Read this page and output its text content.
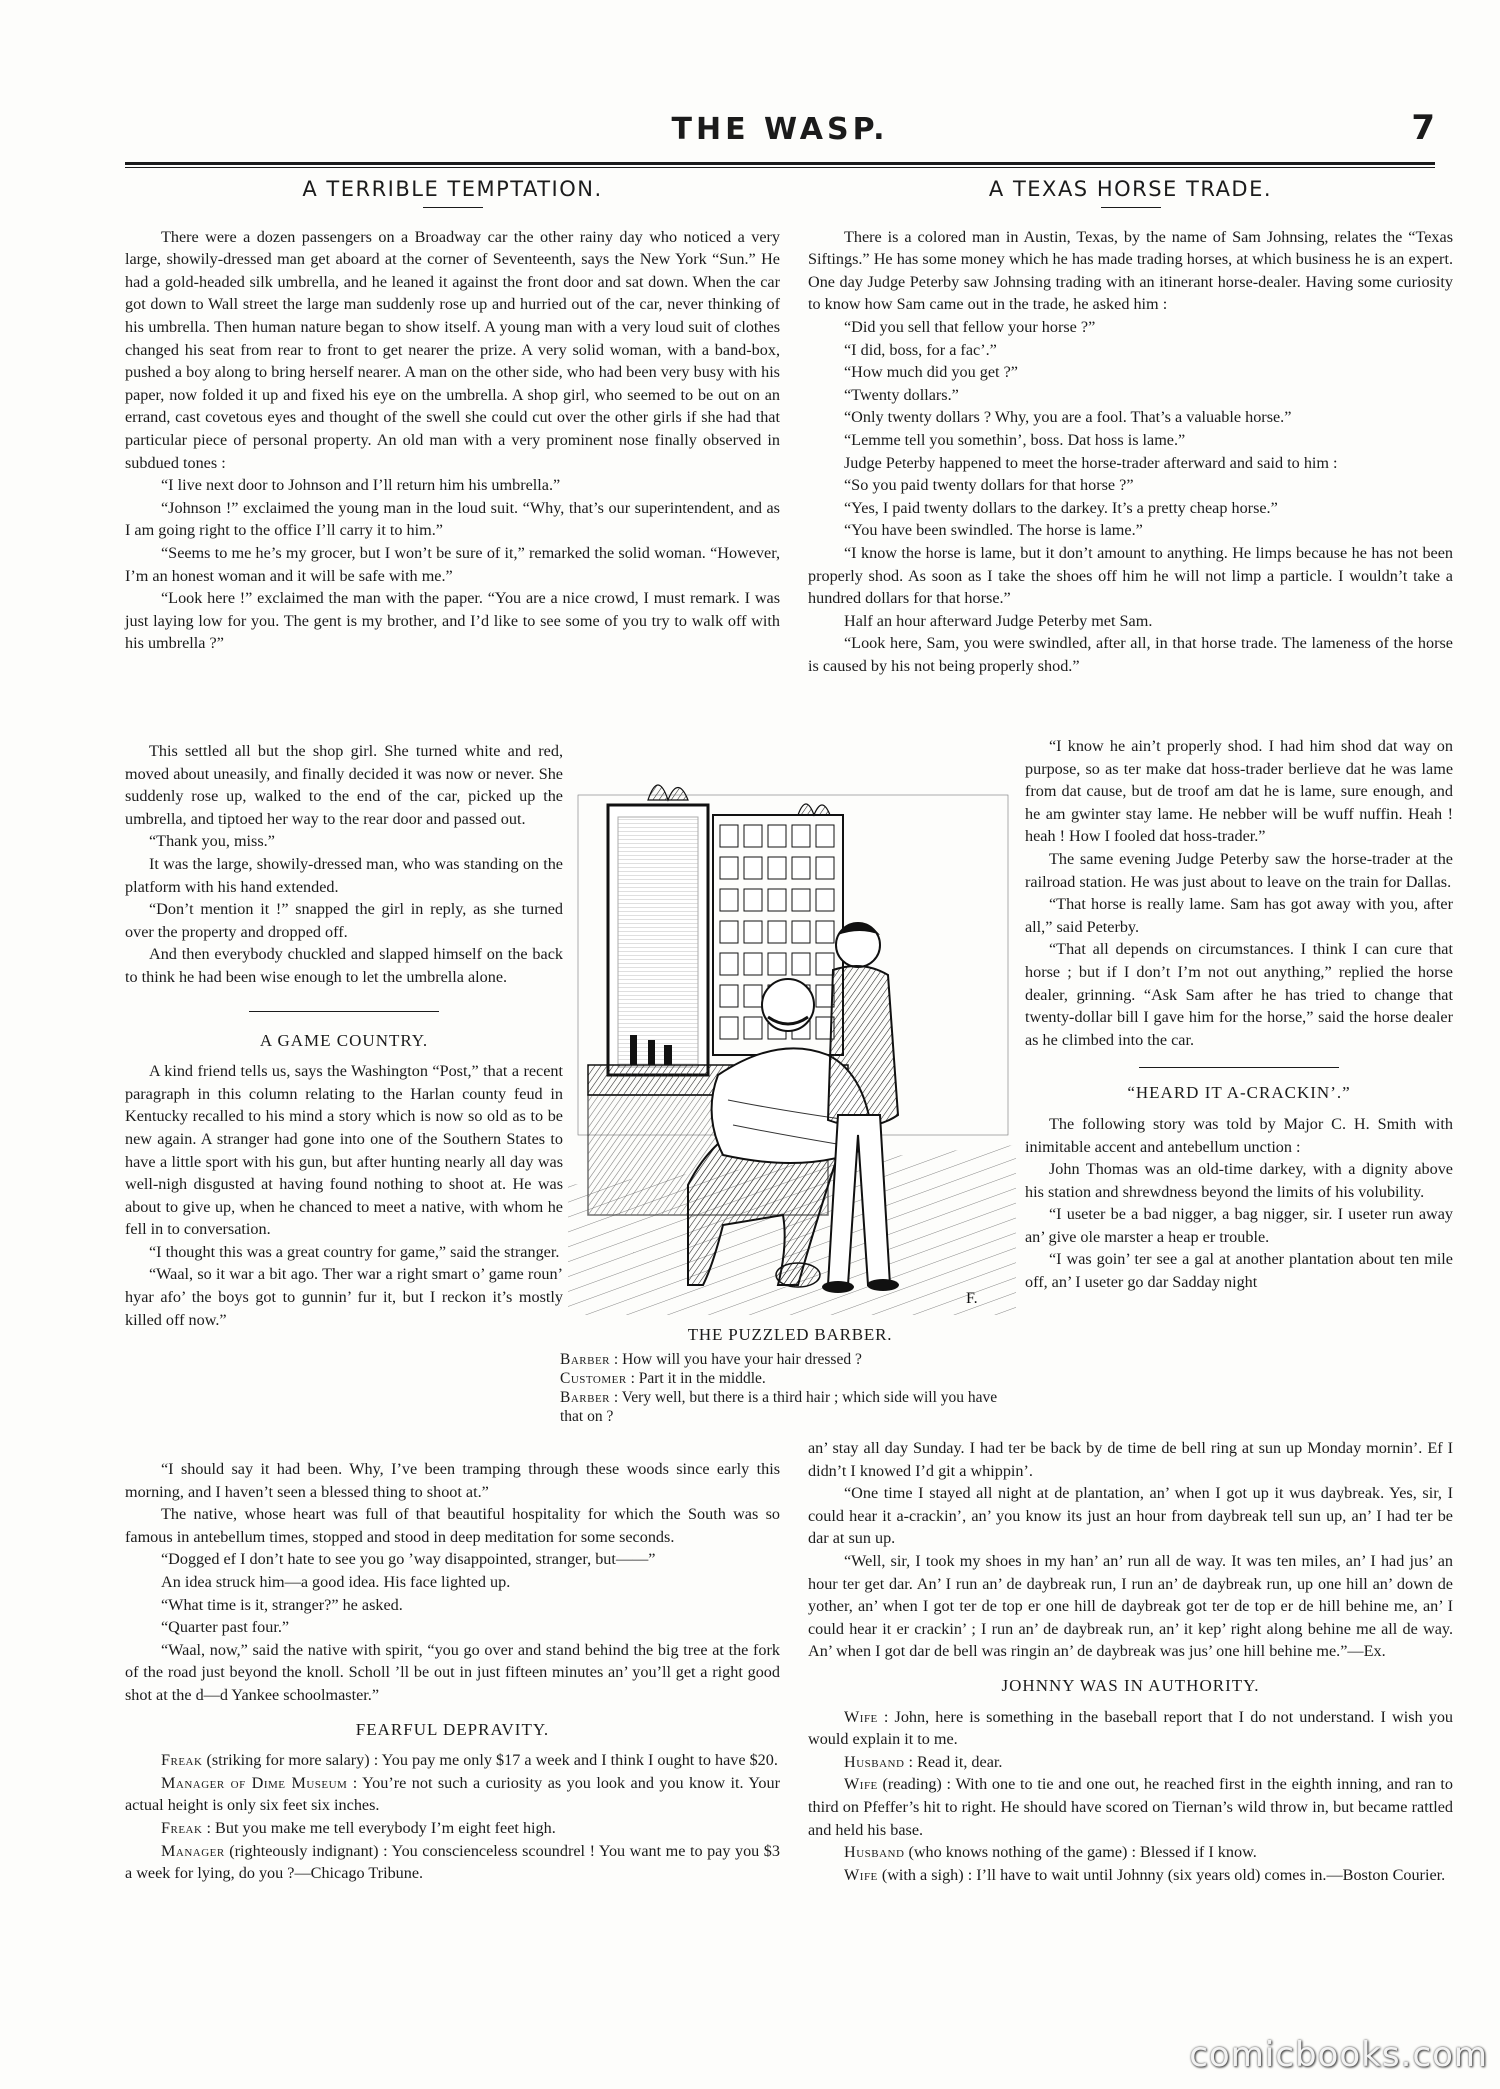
THE WASP.	7
A TERRIBLE TEMPTATION.

There were a dozen passengers on a Broadway car the other rainy day who noticed a very large, showily-dressed man get aboard at the corner of Seventeenth, says the New York “Sun.” He had a gold-headed silk umbrella, and he leaned it against the front door and sat down. When the car got down to Wall street the large man suddenly rose up and hurried out of the car, never thinking of his umbrella. Then human nature began to show itself. A young man with a very loud suit of clothes changed his seat from rear to front to get nearer the prize. A very solid woman, with a band-box, pushed a boy along to bring herself nearer. A man on the other side, who had been very busy with his paper, now folded it up and fixed his eye on the umbrella. A shop girl, who seemed to be out on an errand, cast covetous eyes and thought of the swell she could cut over the other girls if she had that particular piece of personal property. An old man with a very prominent nose finally observed in subdued tones :

“I live next door to Johnson and I’ll return him his umbrella.”

“Johnson !” exclaimed the young man in the loud suit. “Why, that’s our superintendent, and as I am going right to the office I’ll carry it to him.”

“Seems to me he’s my grocer, but I won’t be sure of it,” remarked the solid woman. “However, I’m an honest woman and it will be safe with me.”

“Look here !” exclaimed the man with the paper. “You are a nice crowd, I must remark. I was just laying low for you. The gent is my brother, and I’d like to see some of you try to walk off with his umbrella ?”

This settled all but the shop girl. She turned white and red, moved about uneasily, and finally decided it was now or never. She suddenly rose up, walked to the end of the car, picked up the umbrella, and tiptoed her way to the rear door and passed out.

“Thank you, miss.”

It was the large, showily-dressed man, who was standing on the platform with his hand extended.

“Don’t mention it !” snapped the girl in reply, as she turned over the property and dropped off.

And then everybody chuckled and slapped himself on the back to think he had been wise enough to let the umbrella alone.

A GAME COUNTRY.

A kind friend tells us, says the Washington “Post,” that a recent paragraph in this column relating to the Harlan county feud in Kentucky recalled to his mind a story which is now so old as to be new again. A stranger had gone into one of the Southern States to have a little sport with his gun, but after hunting nearly all day was well-nigh disgusted at having found nothing to shoot at. He was about to give up, when he chanced to meet a native, with whom he fell in to conversation.

“I thought this was a great country for game,” said the stranger.

“Waal, so it war a bit ago. Ther war a right smart o’ game roun’ hyar afo’ the boys got to gunnin’ fur it, but I reckon it’s mostly killed off now.”

“I should say it had been. Why, I’ve been tramping through these woods since early this morning, and I haven’t seen a blessed thing to shoot at.”

The native, whose heart was full of that beautiful hospitality for which the South was so famous in antebellum times, stopped and stood in deep meditation for some seconds.

“Dogged ef I don’t hate to see you go ’way disappointed, stranger, but——”

An idea struck him—a good idea. His face lighted up.

“What time is it, stranger?” he asked.

“Quarter past four.”

“Waal, now,” said the native with spirit, “you go over and stand behind the big tree at the fork of the road just beyond the knoll. Scholl ’ll be out in just fifteen minutes an’ you’ll get a right good shot at the d—d Yankee schoolmaster.”

FEARFUL DEPRAVITY.

Freak (striking for more salary) : You pay me only $17 a week and I think I ought to have $20.

Manager of Dime Museum : You’re not such a curiosity as you look and you know it. Your actual height is only six feet six inches.

Freak : But you make me tell everybody I’m eight feet high.

Manager (righteously indignant) : You conscienceless scoundrel ! You want me to pay you $3 a week for lying, do you ?—Chicago Tribune.

A TEXAS HORSE TRADE.

There is a colored man in Austin, Texas, by the name of Sam Johnsing, relates the “Texas Siftings.” He has some money which he has made trading horses, at which business he is an expert. One day Judge Peterby saw Johnsing trading with an itinerant horse-dealer. Having some curiosity to know how Sam came out in the trade, he asked him :

“Did you sell that fellow your horse ?”

“I did, boss, for a fac’.”

“How much did you get ?”

“Twenty dollars.”

“Only twenty dollars ? Why, you are a fool. That’s a valuable horse.”

“Lemme tell you somethin’, boss. Dat hoss is lame.”

Judge Peterby happened to meet the horse-trader afterward and said to him :

“So you paid twenty dollars for that horse ?”

“Yes, I paid twenty dollars to the darkey. It’s a pretty cheap horse.”

“You have been swindled. The horse is lame.”

“I know the horse is lame, but it don’t amount to anything. He limps because he has not been properly shod. As soon as I take the shoes off him he will not limp a particle. I wouldn’t take a hundred dollars for that horse.”

Half an hour afterward Judge Peterby met Sam.

“Look here, Sam, you were swindled, after all, in that horse trade. The lameness of the horse is caused by his not being properly shod.”

“I know he ain’t properly shod. I had him shod dat way on purpose, so as ter make dat hoss-trader berlieve dat he was lame from dat cause, but de troof am dat he is lame, sure enough, and he am gwinter stay lame. He nebber will be wuff nuffin. Heah ! heah ! How I fooled dat hoss-trader.”

The same evening Judge Peterby saw the horse-trader at the railroad station. He was just about to leave on the train for Dallas.

“That horse is really lame. Sam has got away with you, after all,” said Peterby.

“That all depends on circumstances. I think I can cure that horse ; but if I don’t I’m not out anything,” replied the horse dealer, grinning. “Ask Sam after he has tried to change that twenty-dollar bill I gave him for the horse,” said the horse dealer as he climbed into the car.

“HEARD IT A-CRACKIN’.”

The following story was told by Major C. H. Smith with inimitable accent and antebellum unction :

John Thomas was an old-time darkey, with a dignity above his station and shrewdness beyond the limits of his volubility.

“I useter be a bad nigger, a bag nigger, sir. I useter run away an’ give ole marster a heap er trouble.

“I was goin’ ter see a gal at another plantation about ten mile off, an’ I useter go dar Sadday night

an’ stay all day Sunday. I had ter be back by de time de bell ring at sun up Monday mornin’. Ef I didn’t I knowed I’d git a whippin’.

“One time I stayed all night at de plantation, an’ when I got up it wus daybreak. Yes, sir, I could hear it a-crackin’, an’ you know its just an hour from daybreak tell sun up, an’ I had ter be dar at sun up.

“Well, sir, I took my shoes in my han’ an’ run all de way. It was ten miles, an’ I had jus’ an hour ter get dar. An’ I run an’ de daybreak run, I run an’ de daybreak run, up one hill an’ down de yother, an’ when I got ter de top er one hill de daybreak got ter de top er de hill behine me, an’ I could hear it er crackin’ ; I run an’ de daybreak run, an’ it kep’ right along behine me all de way. An’ when I got dar de bell was ringin an’ de daybreak was jus’ one hill behine me.”—Ex.

JOHNNY WAS IN AUTHORITY.

Wife : John, here is something in the baseball report that I do not understand. I wish you would explain it to me.

Husband : Read it, dear.

Wife (reading) : With one to tie and one out, he reached first in the eighth inning, and ran to third on Pfeffer’s hit to right. He should have scored on Tiernan’s wild throw in, but became rattled and held his base.

Husband (who knows nothing of the game) : Blessed if I know.

Wife (with a sigh) : I’ll have to wait until Johnny (six years old) comes in.—Boston Courier.

F.
THE PUZZLED BARBER.

Barber : How will you have your hair dressed ?

Customer : Part it in the middle.

Barber : Very well, but there is a third hair ; which side will you have that on ?

comicbooks.com
